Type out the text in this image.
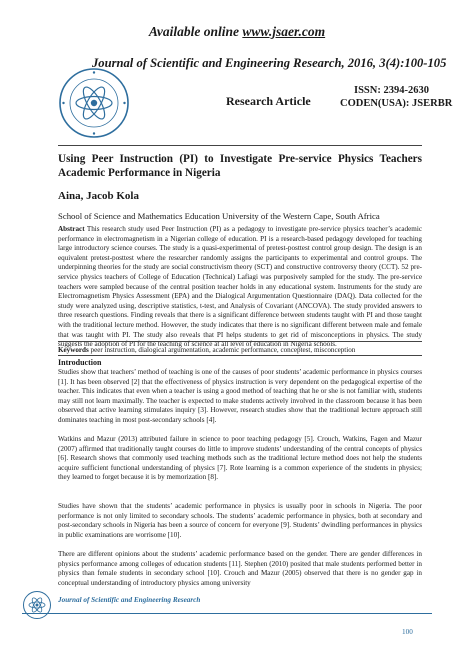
Available online www.jsaer.com
Journal of Scientific and Engineering Research, 2016, 3(4):100-105
Research Article
ISSN: 2394-2630
CODEN(USA): JSERBR
Using Peer Instruction (PI) to Investigate Pre-service Physics Teachers Academic Performance in Nigeria
Aina, Jacob Kola
School of Science and Mathematics Education University of the Western Cape, South Africa

Abstract This research study used Peer Instruction (PI) as a pedagogy to investigate pre-service physics teacher’s academic performance in electromagnetism in a Nigerian college of education. PI is a research-based pedagogy developed for teaching large introductory science courses. The study is a quasi-experimental of pretest-posttest control group design. The design is an equivalent pretest-posttest where the researcher randomly assigns the participants to experimental and control groups. The underpinning theories for the study are social constructivism theory (SCT) and constructive controversy theory (CCT). 52 pre-service physics teachers of College of Education (Technical) Lafiagi was purposively sampled for the study. The pre-service teachers were sampled because of the central position teacher holds in any educational system. Instruments for the study are Electromagnetism Physics Assessment (EPA) and the Dialogical Argumentation Questionnaire (DAQ). Data collected for the study were analyzed using, descriptive statistics, t-test, and Analysis of Covariant (ANCOVA). The study provided answers to three research questions. Finding reveals that there is a significant difference between students taught with PI and those taught with the traditional lecture method. However, the study indicates that there is no significant different between male and female that was taught with PI. The study also reveals that PI helps students to get rid of misconceptions in physics. The study suggests the adoption of PI for the teaching of science at all level of education in Nigeria schools.

Keywords peer instruction, dialogical argumentation, academic performance, conceptest, misconception
Introduction

Studies show that teachers’ method of teaching is one of the causes of poor students’ academic performance in physics courses [1]. It has been observed [2] that the effectiveness of physics instruction is very dependent on the pedagogical expertise of the teacher. This indicates that even when a teacher is using a good method of teaching that he or she is not familiar with, students may still not learn maximally. The teacher is expected to make students actively involved in the classroom because it has been observed that active learning stimulates inquiry [3]. However, research studies show that the traditional lecture approach still dominates teaching in most post-secondary schools [4].

Watkins and Mazur (2013) attributed failure in science to poor teaching pedagogy [5]. Crouch, Watkins, Fagen and Mazur (2007) affirmed that traditionally taught courses do little to improve students’ understanding of the central concepts of physics [6]. Research shows that commonly used teaching methods such as the traditional lecture method does not help the students acquire sufficient functional understanding of physics [7]. Rote learning is a common experience of the students in physics; they learned to forget because it is by memorization [8].

Studies have shown that the students’ academic performance in physics is usually poor in schools in Nigeria. The poor performance is not only limited to secondary schools. The students’ academic performance in physics, both at secondary and post-secondary schools in Nigeria has been a source of concern for everyone [9]. Students’ dwindling performances in physics in public examinations are worrisome [10].

There are different opinions about the students’ academic performance based on the gender. There are gender differences in physics performance among colleges of education students [11]. Stephen (2010) posited that male students performed better in physics than female students in secondary school [10]. Crouch and Mazur (2005) observed that there is no gender gap in conceptual understanding of introductory physics among university

Journal of Scientific and Engineering Research
100
